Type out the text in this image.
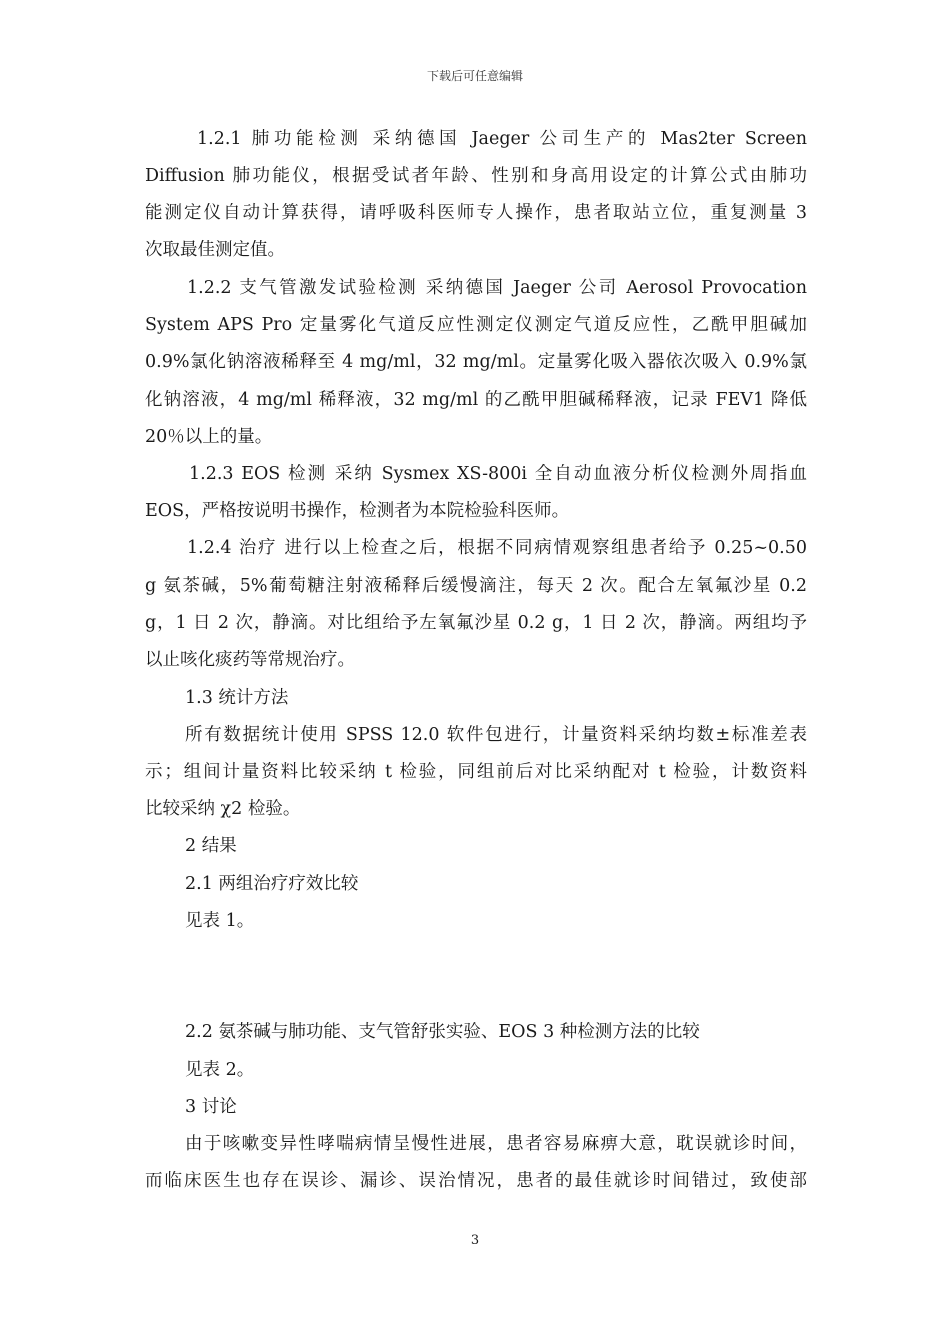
下载后可任意编辑
1.2.1 肺功能检测 采纳德国 Jaeger 公司生产的 Mas2ter Screen
Diffusion 肺功能仪，根据受试者年龄、性别和身高用设定的计算公式由肺功
能测定仪自动计算获得，请呼吸科医师专人操作，患者取站立位，重复测量 3
次取最佳测定值。
1.2.2 支气管激发试验检测 采纳德国 Jaeger 公司 Aerosol Provocation
System APS Pro 定量雾化气道反应性测定仪测定气道反应性，乙酰甲胆碱加
0.9%氯化钠溶液稀释至 4 mg/ml，32 mg/ml。定量雾化吸入器依次吸入 0.9%氯
化钠溶液，4 mg/ml 稀释液，32 mg/ml 的乙酰甲胆碱稀释液，记录 FEV1 降低
20％以上的量。
1.2.3 EOS 检测 采纳 Sysmex XS-800i 全自动血液分析仪检测外周指血
EOS，严格按说明书操作，检测者为本院检验科医师。
1.2.4 治疗 进行以上检查之后，根据不同病情观察组患者给予 0.25~0.50
g 氨茶碱，5%葡萄糖注射液稀释后缓慢滴注，每天 2 次。配合左氧氟沙星 0.2
g，1 日 2 次，静滴。对比组给予左氧氟沙星 0.2 g，1 日 2 次，静滴。两组均予
以止咳化痰药等常规治疗。
1.3 统计方法
所有数据统计使用 SPSS 12.0 软件包进行，计量资料采纳均数±标准差表
示；组间计量资料比较采纳 t 检验，同组前后对比采纳配对 t 检验，计数资料
比较采纳 χ2 检验。
2 结果
2.1 两组治疗疗效比较
见表 1。
2.2 氨茶碱与肺功能、支气管舒张实验、EOS 3 种检测方法的比较
见表 2。
3 讨论
由于咳嗽变异性哮喘病情呈慢性进展，患者容易麻痹大意，耽误就诊时间，
而临床医生也存在误诊、漏诊、误治情况，患者的最佳就诊时间错过，致使部
3
